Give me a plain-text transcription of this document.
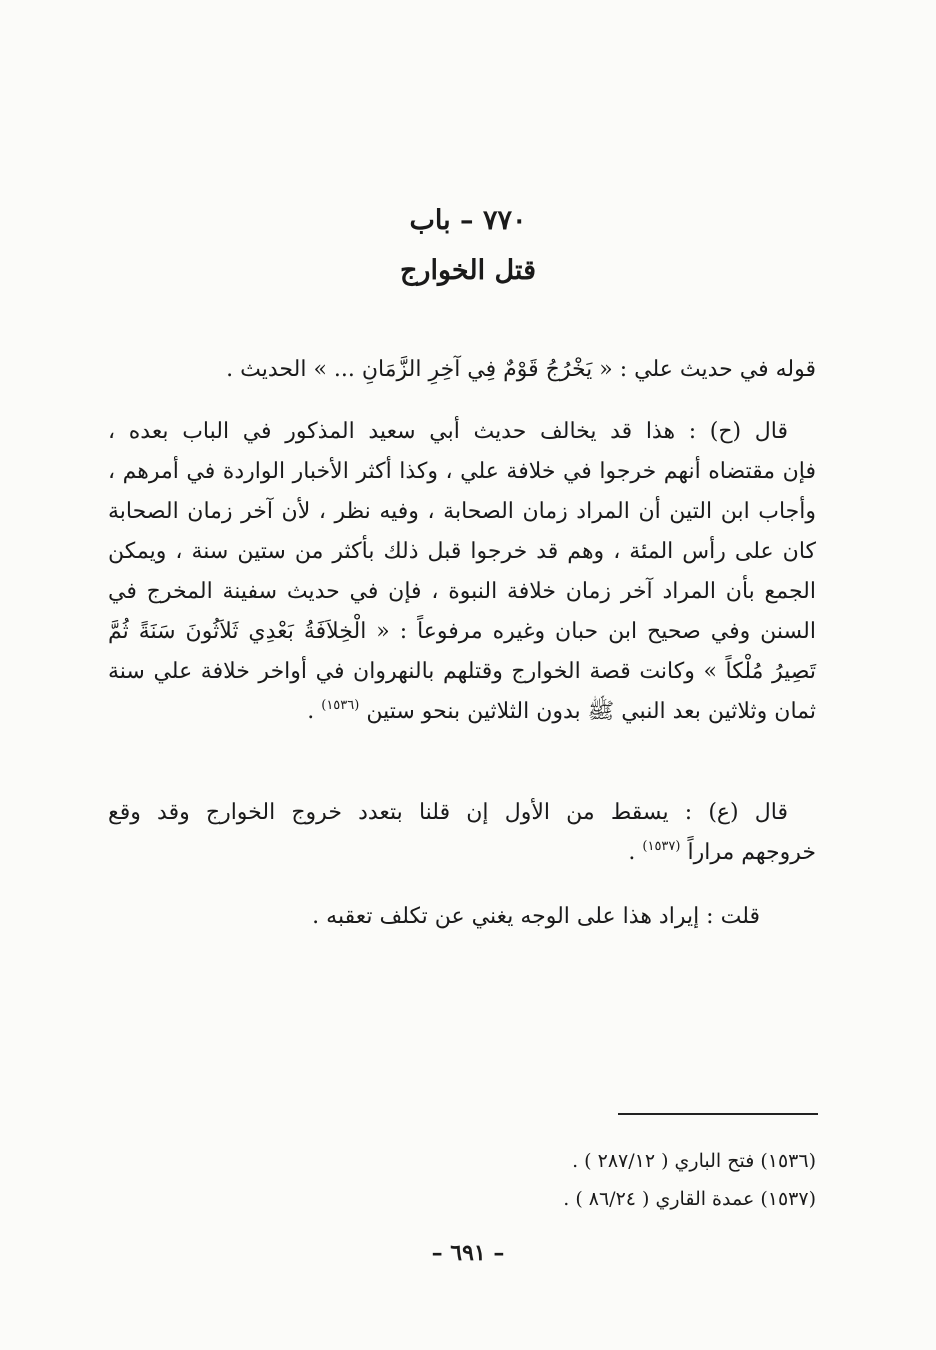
٧٧٠ – باب
قتل الخوارج
قوله في حديث علي : « يَخْرُجُ قَوْمٌ فِي آخِرِ الزَّمَانِ ... » الحديث .
قال (ح) : هذا قد يخالف حديث أبي سعيد المذكور في الباب بعده ،
فإن مقتضاه أنهم خرجوا في خلافة علي ، وكذا أكثر الأخبار الواردة في أمرهم ،
وأجاب ابن التين أن المراد زمان الصحابة ، وفيه نظر ، لأن آخر زمان الصحابة
كان على رأس المئة ، وهم قد خرجوا قبل ذلك بأكثر من ستين سنة ، ويمكن
الجمع بأن المراد آخر زمان خلافة النبوة ، فإن في حديث سفينة المخرج في
السنن وفي صحيح ابن حبان وغيره مرفوعاً : « الْخِلاَفَةُ بَعْدِي ثَلاَثُونَ سَنَةً ثُمَّ
تَصِيرُ مُلْكاً » وكانت قصة الخوارج وقتلهم بالنهروان في أواخر خلافة علي سنة
ثمان وثلاثين بعد النبي ﷺ بدون الثلاثين بنحو ستين $^{(١٥٣٦)}$ .
قال (ع) : يسقط من الأول إن قلنا بتعدد خروج الخوارج وقد وقع
خروجهم مراراً $^{(١٥٣٧)}$ .
قلت : إيراد هذا على الوجه يغني عن تكلف تعقبه .
(١٥٣٦) فتح الباري ( ٢٨٧/١٢ ) .
(١٥٣٧) عمدة القاري ( ٨٦/٢٤ ) .
– ٦٩١ –
